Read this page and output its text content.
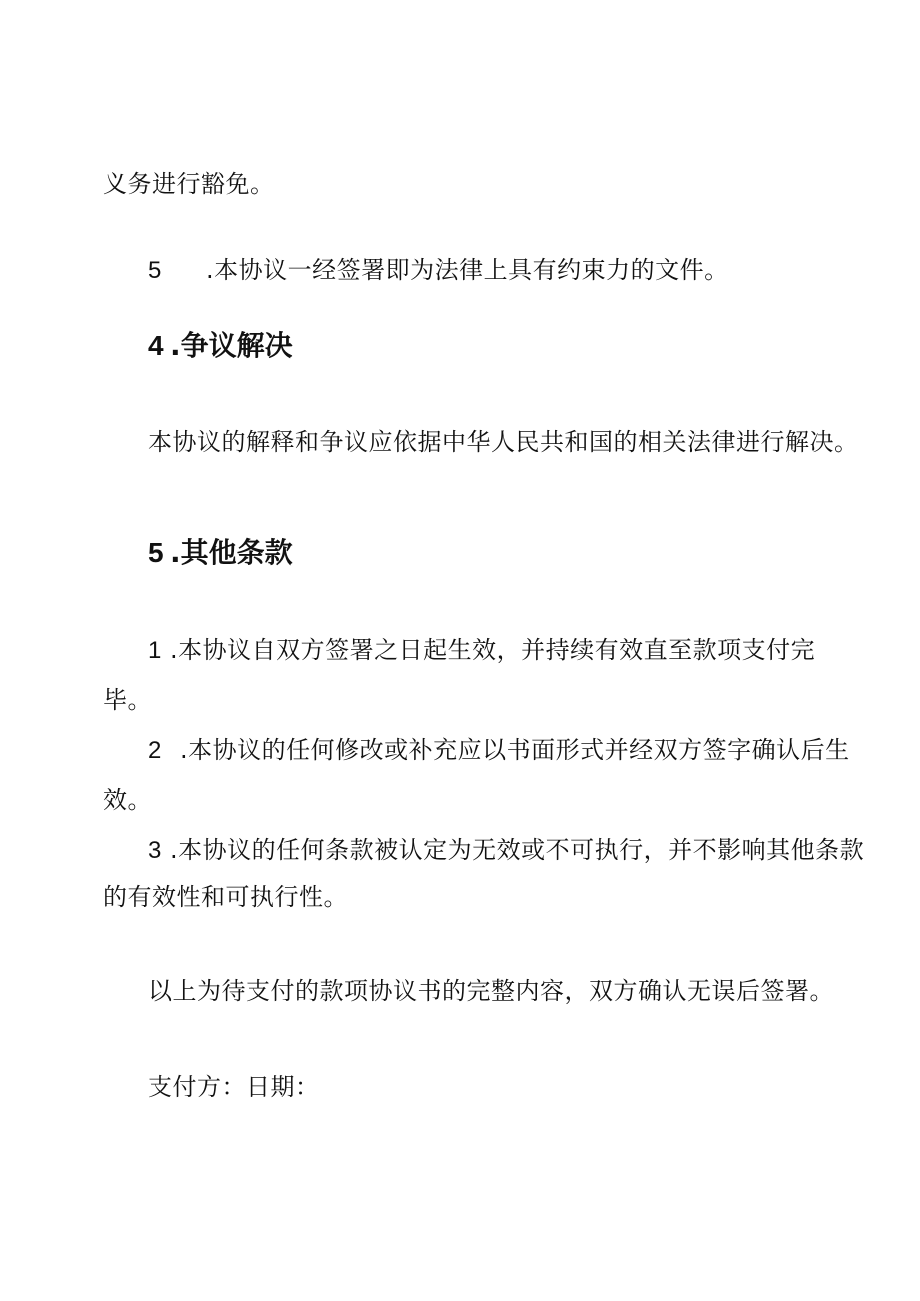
义务进行豁免。
5 .本协议一经签署即为法律上具有约束力的文件。
4 .争议解决
本协议的解释和争议应依据中华人民共和国的相关法律进行解决。
5 .其他条款
1 .本协议自双方签署之日起生效，并持续有效直至款项支付完
毕。
2 .本协议的任何修改或补充应以书面形式并经双方签字确认后生
效。
3 .本协议的任何条款被认定为无效或不可执行，并不影响其他条款
的有效性和可执行性。
以上为待支付的款项协议书的完整内容，双方确认无误后签署。
支付方：日期：
